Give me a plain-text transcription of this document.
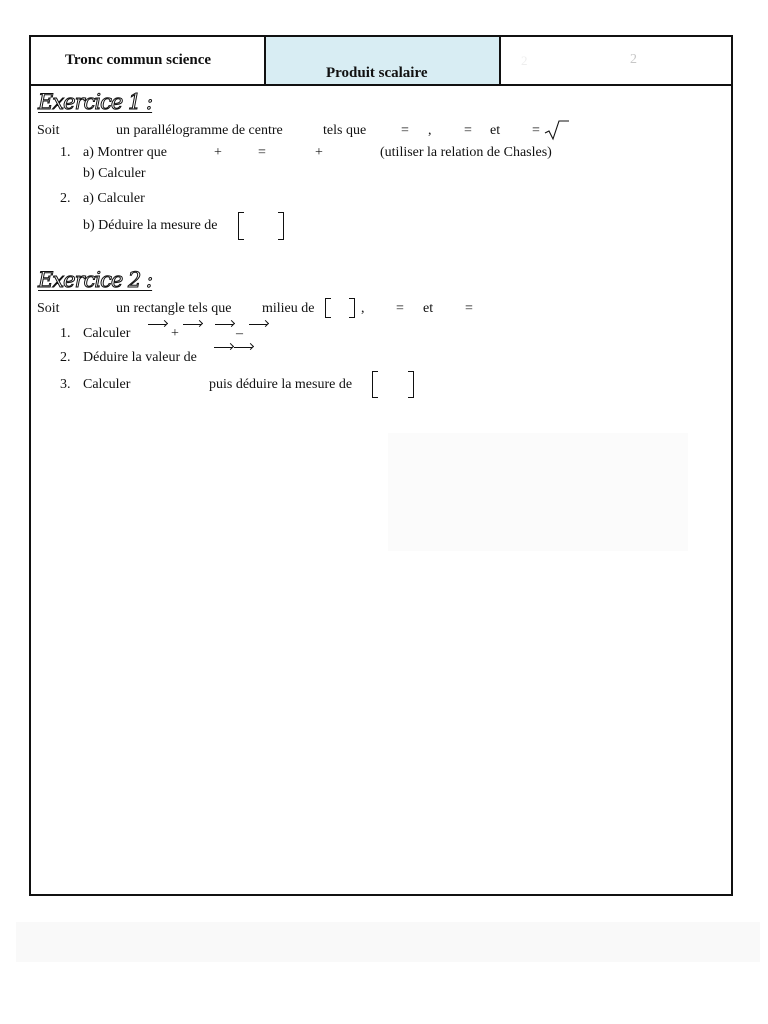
Tronc commun science
Produit scalaire
2	2
Exercice 1 :
Soit	un parallélogramme de centre	tels que = , = et =
1. a) Montrer que	+	=	+	(utiliser la relation de Chasles)
b) Calculer
2. a) Calculer
b) Déduire la mesure de
Exercice 2 :
Soit	un rectangle tels que milieu de	, = et =
1. Calculer	+	–
2. Déduire la valeur de
3. Calculer	puis déduire la mesure de
